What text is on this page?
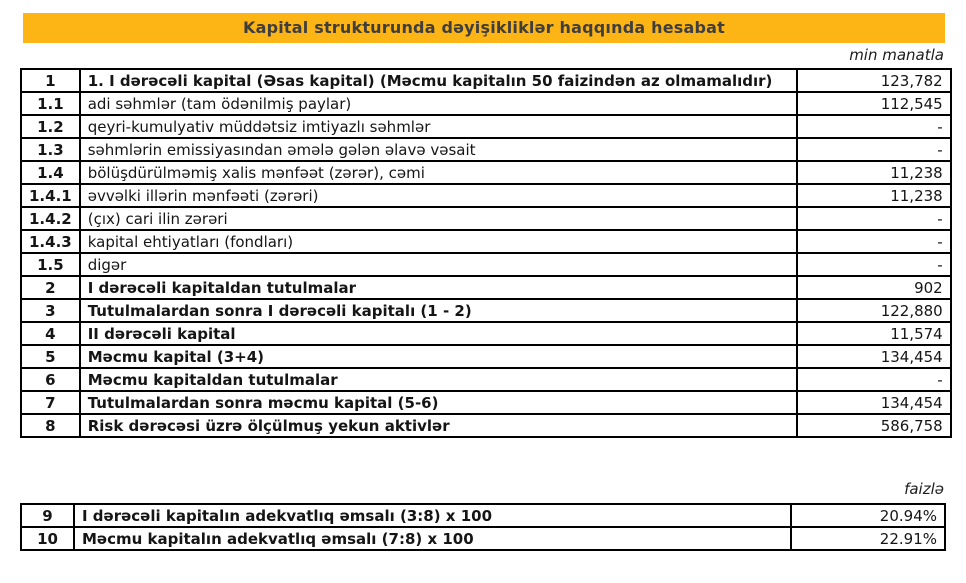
Kapital strukturunda dəyişikliklər haqqında hesabat
min manatla
1	1. I dərəcəli kapital (Əsas kapital) (Məcmu kapitalın 50 faizindən az olmamalıdır)	123,782
1.1	adi səhmlər (tam ödənilmiş paylar)	112,545
1.2	qeyri-kumulyativ müddətsiz imtiyazlı səhmlər	-
1.3	səhmlərin emissiyasından əmələ gələn əlavə vəsait	-
1.4	bölüşdürülməmiş xalis mənfəət (zərər), cəmi	11,238
1.4.1	əvvəlki illərin mənfəəti (zərəri)	11,238
1.4.2	(çıx) cari ilin zərəri	-
1.4.3	kapital ehtiyatları (fondları)	-
1.5	digər	-
2	I dərəcəli kapitaldan tutulmalar	902
3	Tutulmalardan sonra I dərəcəli kapitalı (1 - 2)	122,880
4	II dərəcəli kapital	11,574
5	Məcmu kapital (3+4)	134,454
6	Məcmu kapitaldan tutulmalar	-
7	Tutulmalardan sonra məcmu kapital (5-6)	134,454
8	Risk dərəcəsi üzrə ölçülmuş yekun aktivlər	586,758
faizlə
9	I dərəcəli kapitalın adekvatlıq əmsalı (3:8) x 100	20.94%
10	Məcmu kapitalın adekvatlıq əmsalı (7:8) x 100	22.91%
